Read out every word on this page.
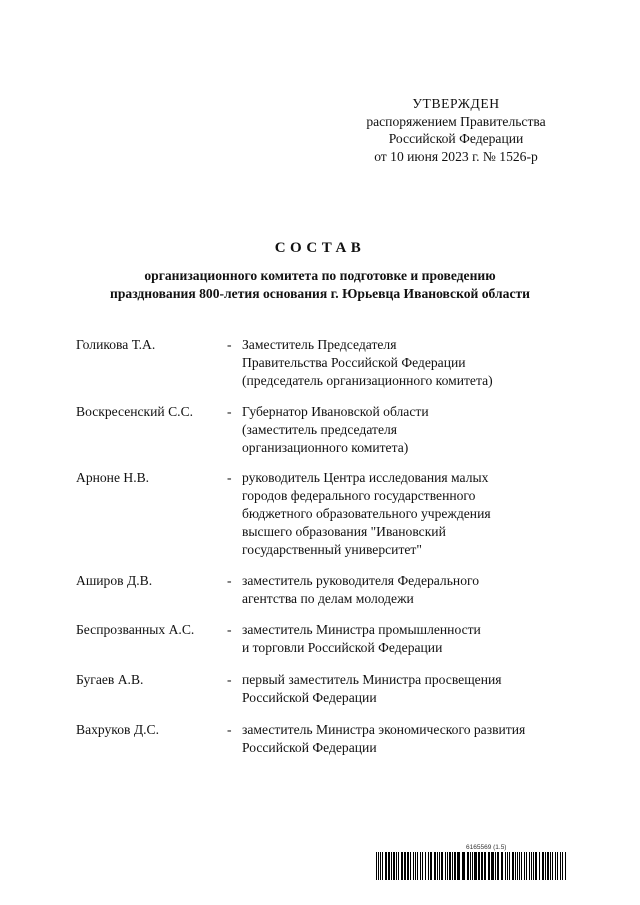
УТВЕРЖДЕН
распоряжением Правительства
Российской Федерации
от 10 июня 2023 г. № 1526-р
СОСТАВ
организационного комитета по подготовке и проведению
празднования 800-летия основания г. Юрьевца Ивановской области
Голикова Т.А.	- Заместитель Председателя
Правительства Российской Федерации
(председатель организационного комитета)
Воскресенский С.С.	- Губернатор Ивановской области
(заместитель председателя
организационного комитета)
Арноне Н.В.	- руководитель Центра исследования малых
городов федерального государственного
бюджетного образовательного учреждения
высшего образования "Ивановский
государственный университет"
Аширов Д.В.	- заместитель руководителя Федерального
агентства по делам молодежи
Беспрозванных А.С.	- заместитель Министра промышленности
и торговли Российской Федерации
Бугаев А.В.	- первый заместитель Министра просвещения
Российской Федерации
Вахруков Д.С.	- заместитель Министра экономического развития
Российской Федерации
6165569 (1.5)
